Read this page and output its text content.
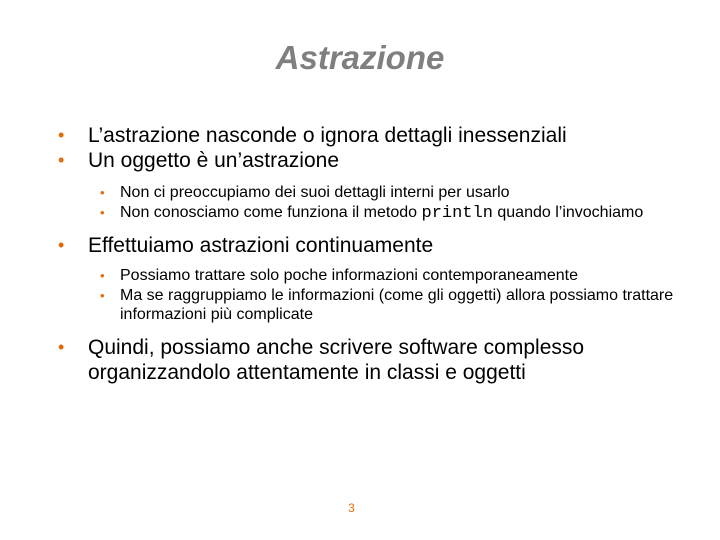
Astrazione
• L’astrazione nasconde o ignora dettagli inessenziali
• Un oggetto è un’astrazione
• Non ci preoccupiamo dei suoi dettagli interni per usarlo
• Non conosciamo come funziona il metodo println quando l’invochiamo
• Effettuiamo astrazioni continuamente
• Possiamo trattare solo poche informazioni contemporaneamente
• Ma se raggruppiamo le informazioni (come gli oggetti) allora possiamo trattare informazioni più complicate
• Quindi, possiamo anche scrivere software complesso organizzandolo attentamente in classi e oggetti
3
